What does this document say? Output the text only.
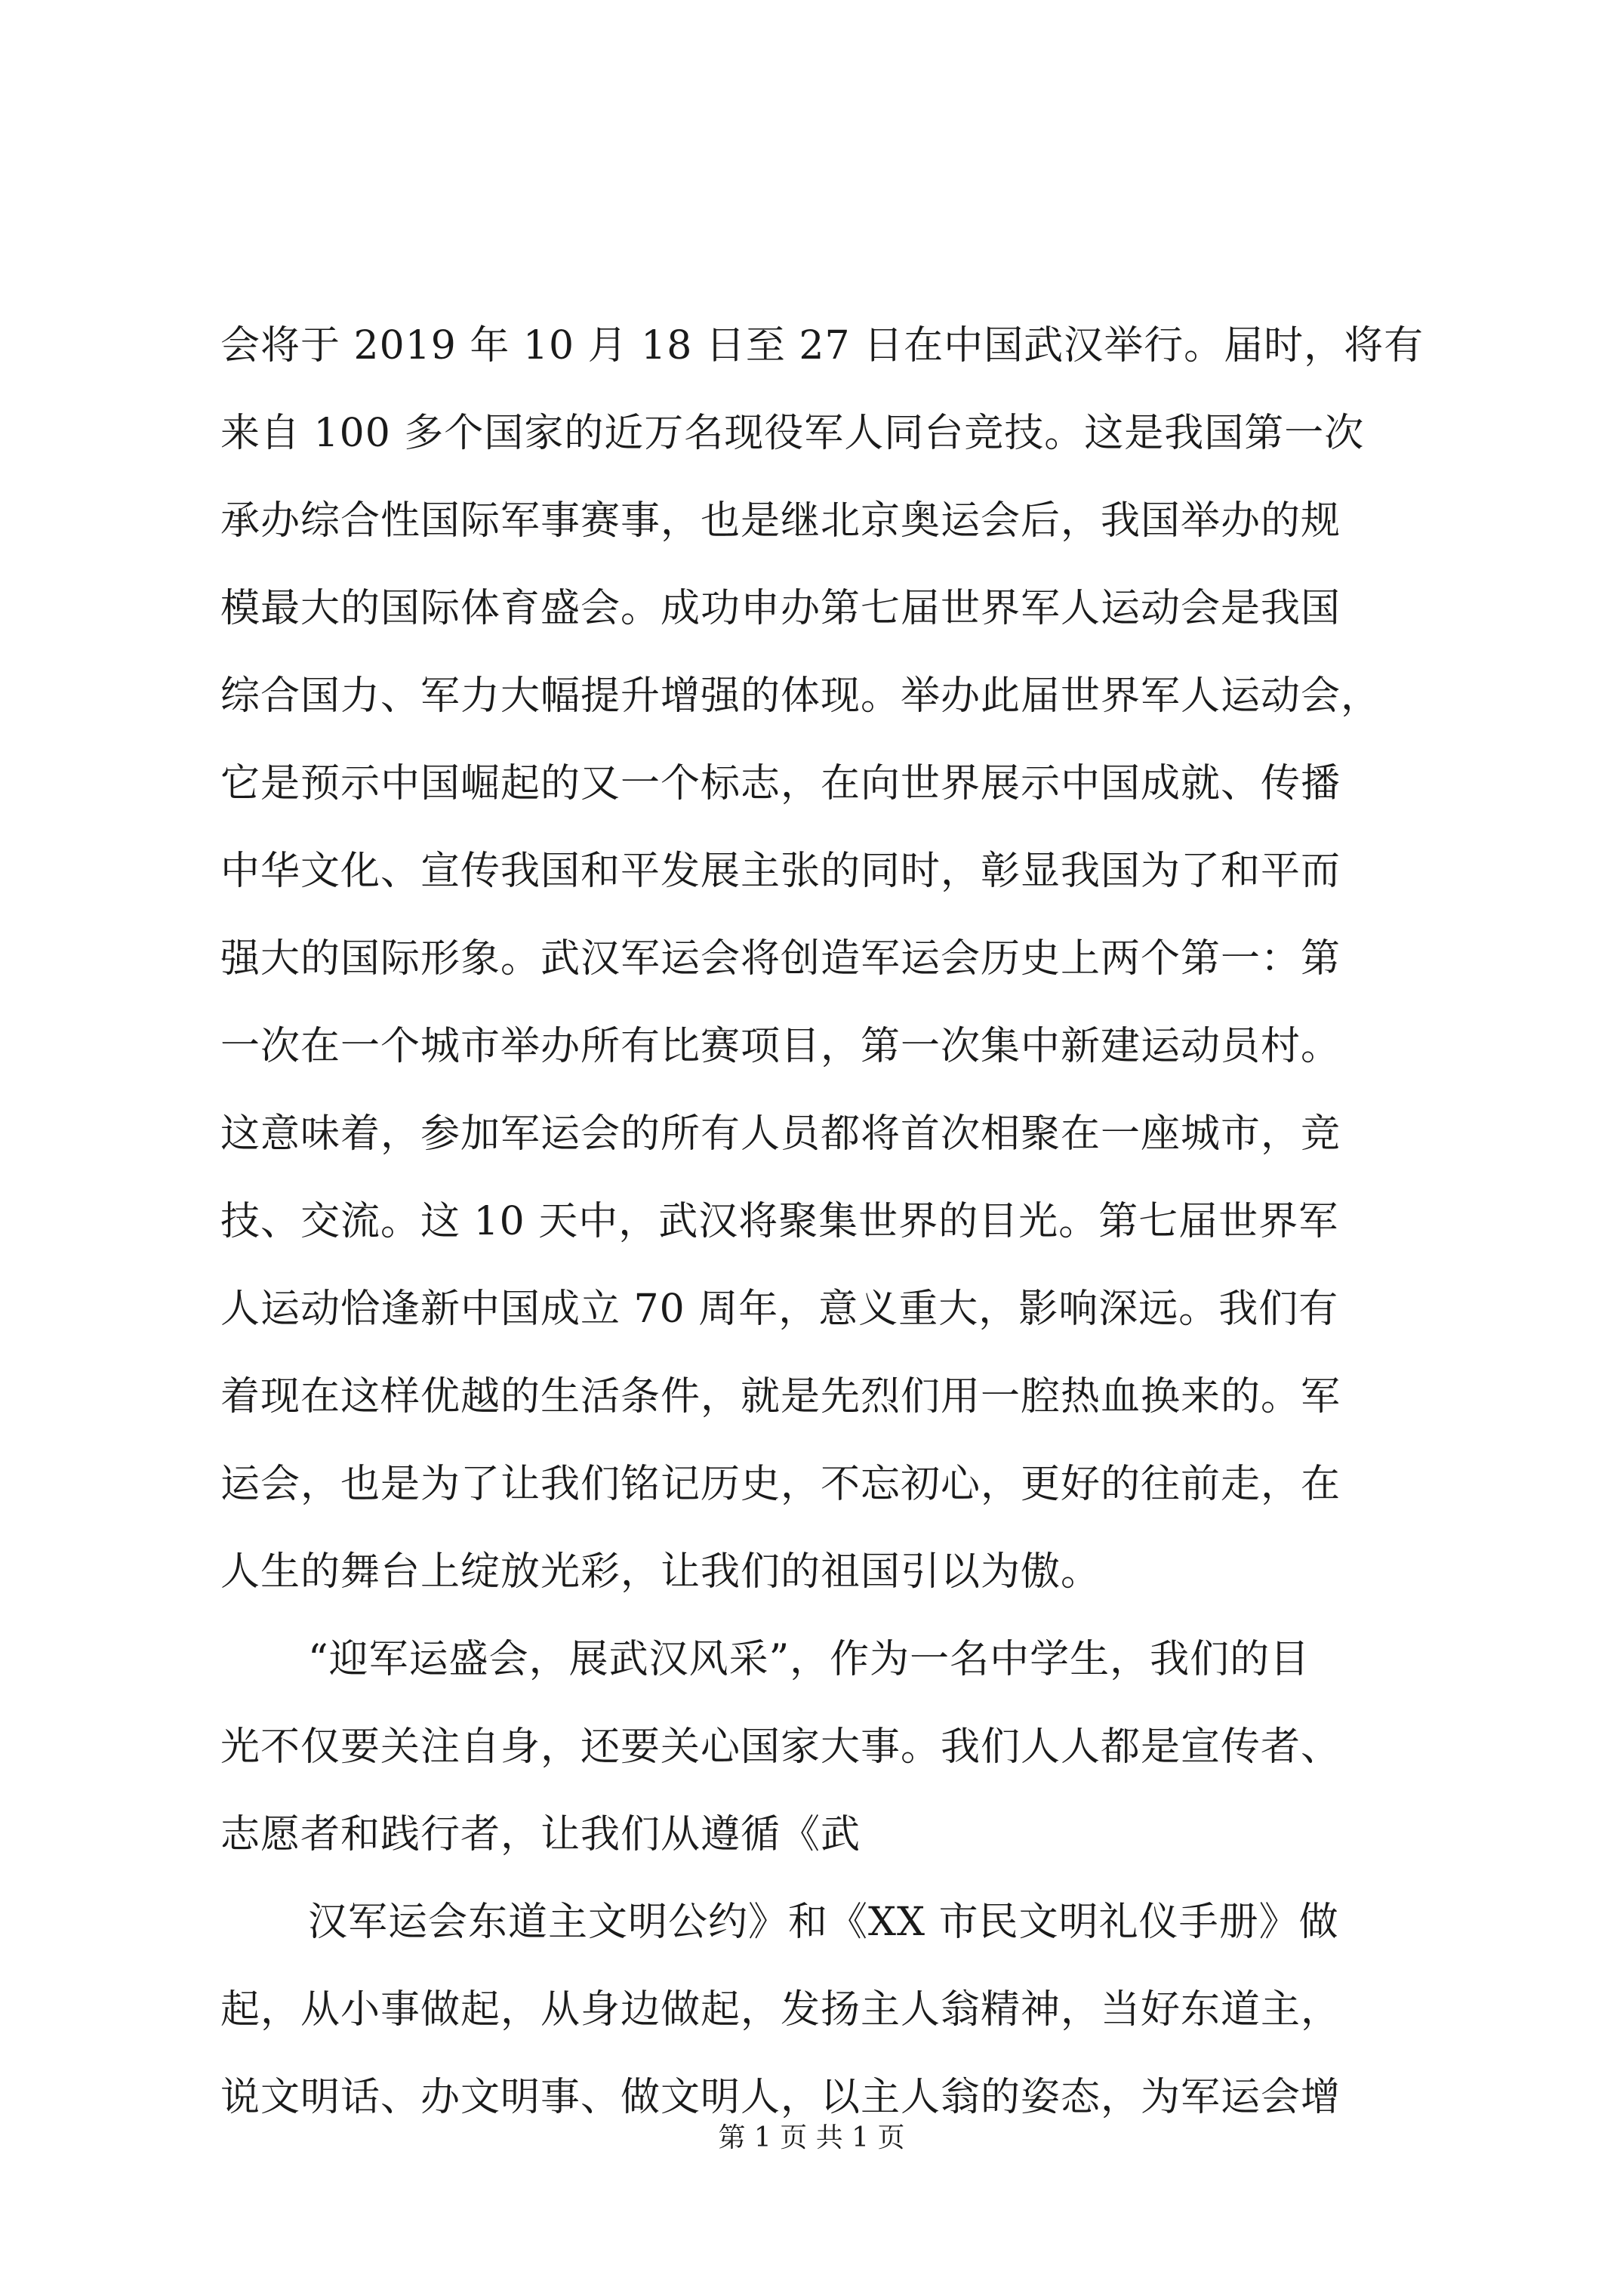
会将于 2019 年 10 月 18 日至 27 日在中国武汉举行。届时，将有
来自 100 多个国家的近万名现役军人同台竞技。这是我国第一次
承办综合性国际军事赛事，也是继北京奥运会后，我国举办的规
模最大的国际体育盛会。成功申办第七届世界军人运动会是我国
综合国力、军力大幅提升增强的体现。举办此届世界军人运动会，
它是预示中国崛起的又一个标志，在向世界展示中国成就、传播
中华文化、宣传我国和平发展主张的同时，彰显我国为了和平而
强大的国际形象。武汉军运会将创造军运会历史上两个第一：第
一次在一个城市举办所有比赛项目，第一次集中新建运动员村。
这意味着，参加军运会的所有人员都将首次相聚在一座城市，竞
技、交流。这 10 天中，武汉将聚集世界的目光。第七届世界军
人运动恰逢新中国成立 70 周年，意义重大，影响深远。我们有
着现在这样优越的生活条件，就是先烈们用一腔热血换来的。军
运会，也是为了让我们铭记历史，不忘初心，更好的往前走，在
人生的舞台上绽放光彩，让我们的祖国引以为傲。
“迎军运盛会，展武汉风采”，作为一名中学生，我们的目
光不仅要关注自身，还要关心国家大事。我们人人都是宣传者、
志愿者和践行者，让我们从遵循《武
汉军运会东道主文明公约》和《XX 市民文明礼仪手册》做
起，从小事做起，从身边做起，发扬主人翁精神，当好东道主，
说文明话、办文明事、做文明人，以主人翁的姿态，为军运会增
第 1 页 共 1 页
